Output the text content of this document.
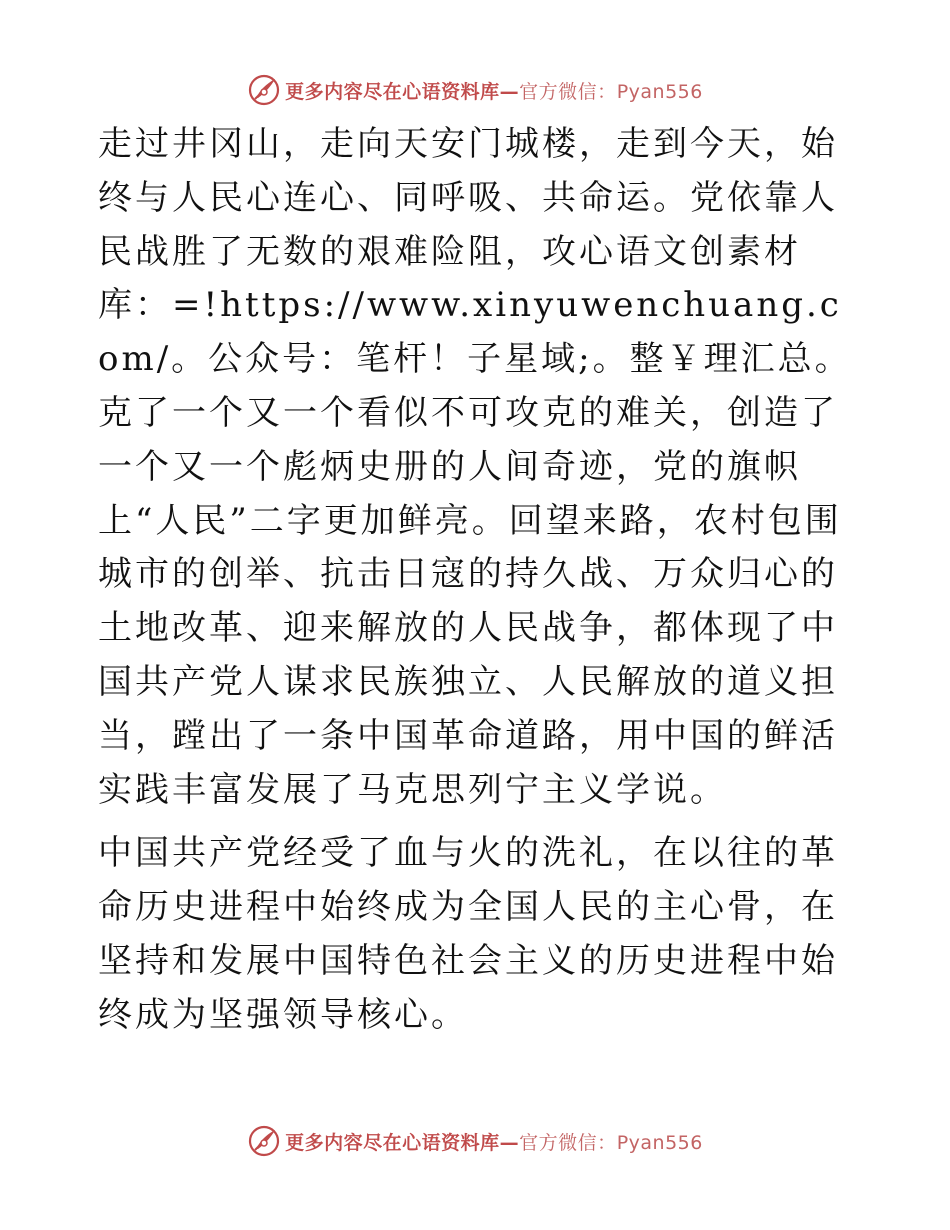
更多内容尽在心语资料库—官方微信：Pyan556

走过井冈山，走向天安门城楼，走到今天，始终与人民心连心、同呼吸、共命运。党依靠人民战胜了无数的艰难险阻，攻心语文创素材库：=!https://www.xinyuwenchuang.com/。公众号：笔杆！子星域;。整￥理汇总。克了一个又一个看似不可攻克的难关，创造了一个又一个彪炳史册的人间奇迹，党的旗帜上“人民”二字更加鲜亮。回望来路，农村包围城市的创举、抗击日寇的持久战、万众归心的土地改革、迎来解放的人民战争，都体现了中国共产党人谋求民族独立、人民解放的道义担当，蹚出了一条中国革命道路，用中国的鲜活实践丰富发展了马克思列宁主义学说。

中国共产党经受了血与火的洗礼，在以往的革命历史进程中始终成为全国人民的主心骨，在坚持和发展中国特色社会主义的历史进程中始终成为坚强领导核心。

更多内容尽在心语资料库—官方微信：Pyan556
